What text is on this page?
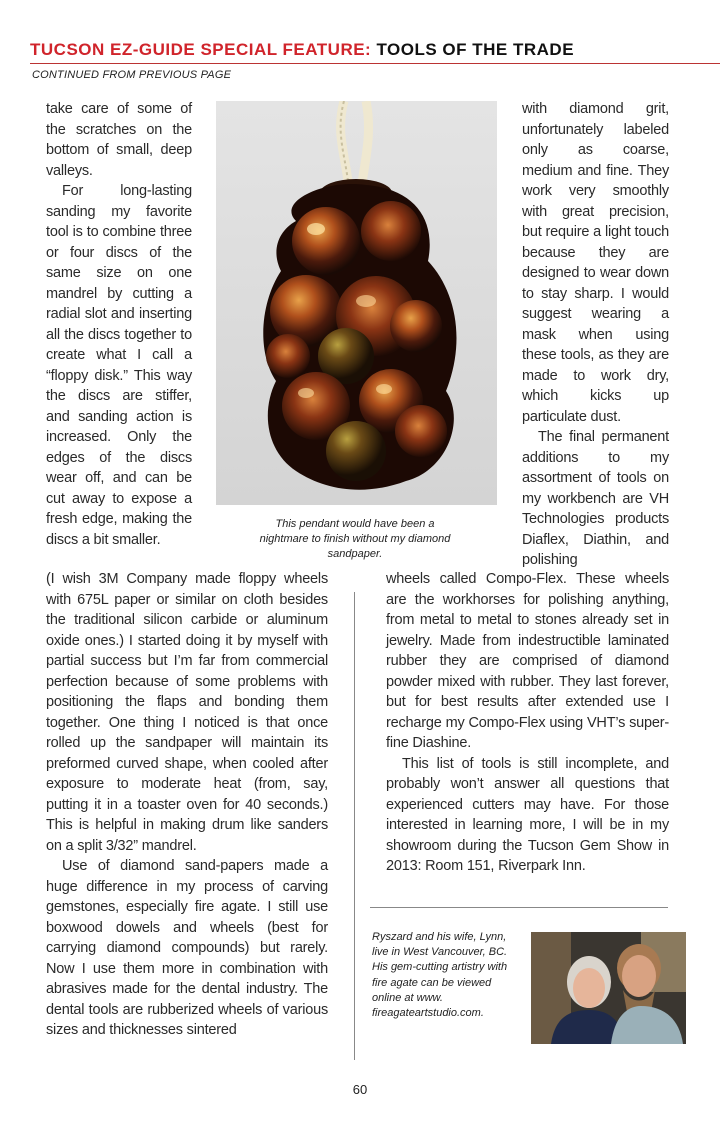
TUCSON EZ-GUIDE SPECIAL FEATURE: TOOLS OF THE TRADE
CONTINUED FROM PREVIOUS PAGE

take care of some of the scratches on the bottom of small, deep valleys.

For long-lasting sanding my favorite tool is to combine three or four discs of the same size on one mandrel by cutting a radial slot and inserting all the discs together to create what I call a “floppy disk.” This way the discs are stiffer, and sanding action is increased. Only the edges of the discs wear off, and can be cut away to expose a fresh edge, making the discs a bit smaller.

with diamond grit, unfortunately labeled only as coarse, medium and fine. They work very smoothly with great precision, but require a light touch because they are designed to wear down to stay sharp. I would suggest wearing a mask when using these tools, as they are made to work dry, which kicks up particulate dust.

The final permanent additions to my assortment of tools on my workbench are VH Technologies products Diaflex, Diathin, and polishing

This pendant would have been a nightmare to finish without my diamond sandpaper.

(I wish 3M Company made floppy wheels with 675L paper or similar on cloth besides the traditional silicon carbide or aluminum oxide ones.) I started doing it by myself with partial success but I’m far from commercial perfection because of some problems with positioning the flaps and bonding them together. One thing I noticed is that once rolled up the sandpaper will maintain its preformed curved shape, when cooled after exposure to moderate heat (from, say, putting it in a toaster oven for 40 seconds.) This is helpful in making drum like sanders on a split 3/32” mandrel.

Use of diamond sand-papers made a huge difference in my process of carving gemstones, especially fire agate. I still use boxwood dowels and wheels (best for carrying diamond compounds) but rarely. Now I use them more in combination with abrasives made for the dental industry. The dental tools are rubberized wheels of various sizes and thicknesses sintered

wheels called Compo-Flex. These wheels are the workhorses for polishing anything, from metal to metal to stones already set in jewelry. Made from indestructible laminated rubber they are comprised of diamond powder mixed with rubber. They last forever, but for best results after extended use I recharge my Compo-Flex using VHT’s super-fine Diashine.

This list of tools is still incomplete, and probably won’t answer all questions that experienced cutters may have. For those interested in learning more, I will be in my showroom during the Tucson Gem Show in 2013: Room 151, Riverpark Inn.

Ryszard and his wife, Lynn, live in West Vancouver, BC. His gem-cutting artistry with fire agate can be viewed online at www. fireagateartstudio.com.
60
